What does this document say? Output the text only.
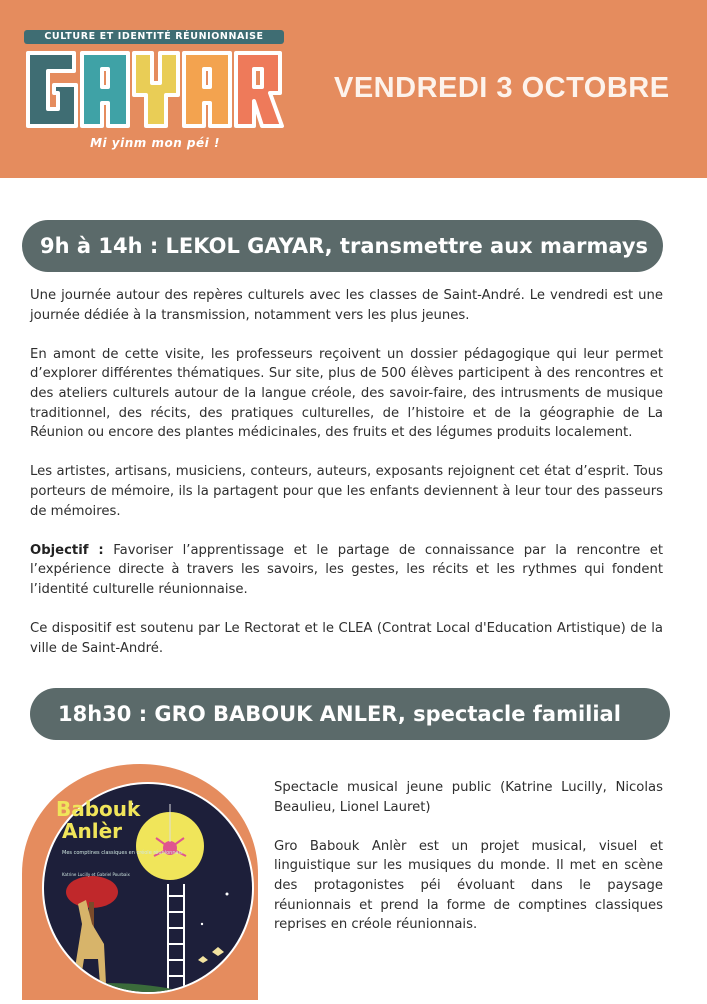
CULTURE ET IDENTITÉ RÉUNIONNAISE
Mi yinm mon péi !
VENDREDI 3 OCTOBRE
9h à 14h : LEKOL GAYAR, transmettre aux marmays

Une journée autour des repères culturels avec les classes de Saint-André. Le vendredi est une journée dédiée à la transmission, notamment vers les plus jeunes.

En amont de cette visite, les professeurs reçoivent un dossier pédagogique qui leur permet d’explorer différentes thématiques. Sur site, plus de 500 élèves participent à des rencontres et des ateliers culturels autour de la langue créole, des savoir-faire, des intrusments de musique traditionnel, des récits, des pratiques culturelles, de l’histoire et de la géographie de La Réunion ou encore des plantes médicinales, des fruits et des légumes produits localement.

Les artistes, artisans, musiciens, conteurs, auteurs, exposants rejoignent cet état d’esprit. Tous porteurs de mémoire, ils la partagent pour que les enfants deviennent à leur tour des passeurs de mémoires.

Objectif : Favoriser l’apprentissage et le partage de connaissance par la rencontre et l’expérience directe à travers les savoirs, les gestes, les récits et les rythmes qui fondent l’identité culturelle réunionnaise.

Ce dispositif est soutenu par Le Rectorat et le CLEA (Contrat Local d'Education Artistique) de la ville de Saint-André.

18h30 : GRO BABOUK ANLER, spectacle familial
Babouk
Anlèr
Mes comptines classiques en créole réunionnais
Katrine Lucilly et Gabriel Pourbaix

Spectacle musical jeune public (Katrine Lucilly, Nicolas Beaulieu, Lionel Lauret)

Gro Babouk Anlèr est un projet musical, visuel et linguistique sur les musiques du monde. Il met en scène des protagonistes péi évoluant dans le paysage réunionnais et prend la forme de comptines classiques reprises en créole réunionnais.
